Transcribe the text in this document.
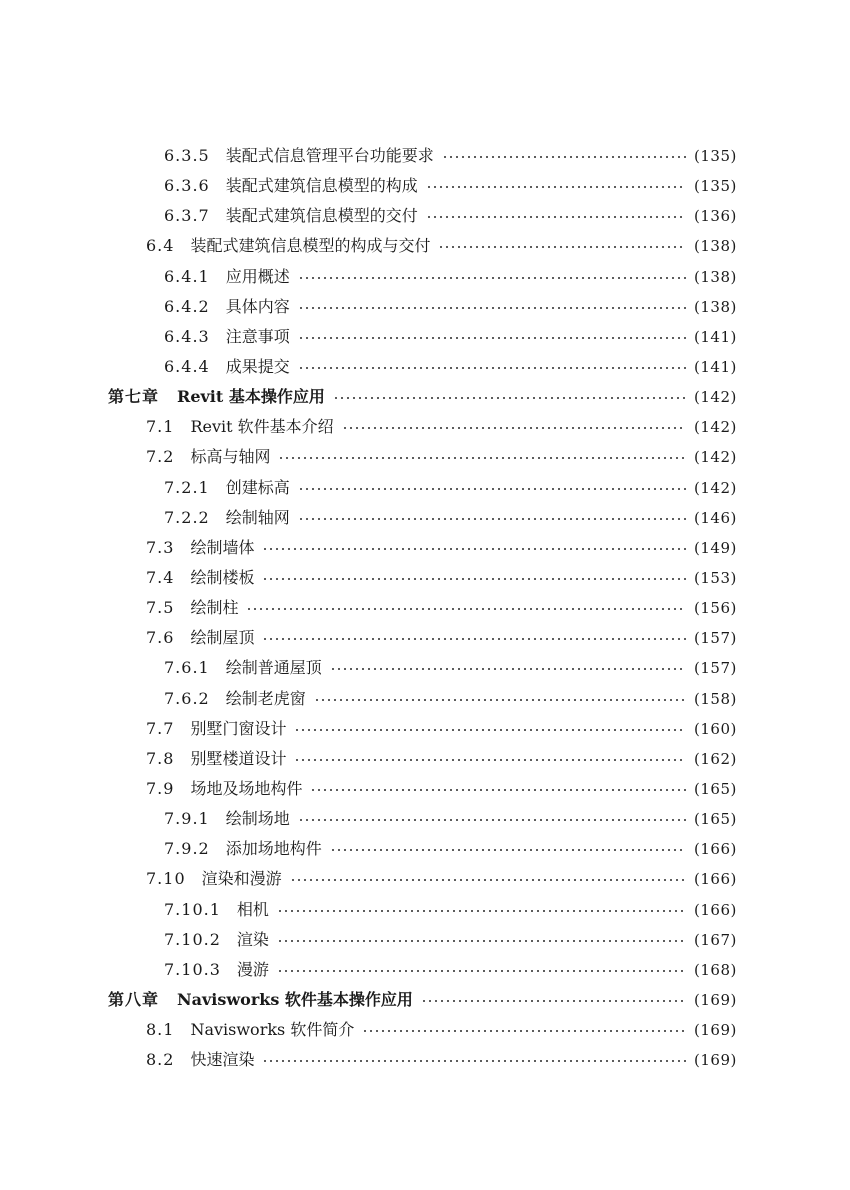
6.3.5 装配式信息管理平台功能要求	(135)
6.3.6 装配式建筑信息模型的构成	(135)
6.3.7 装配式建筑信息模型的交付	(136)
6.4 装配式建筑信息模型的构成与交付	(138)
6.4.1 应用概述	(138)
6.4.2 具体内容	(138)
6.4.3 注意事项	(141)
6.4.4 成果提交	(141)
第七章 Revit 基本操作应用	(142)
7.1 Revit 软件基本介绍	(142)
7.2 标高与轴网	(142)
7.2.1 创建标高	(142)
7.2.2 绘制轴网	(146)
7.3 绘制墙体	(149)
7.4 绘制楼板	(153)
7.5 绘制柱	(156)
7.6 绘制屋顶	(157)
7.6.1 绘制普通屋顶	(157)
7.6.2 绘制老虎窗	(158)
7.7 别墅门窗设计	(160)
7.8 别墅楼道设计	(162)
7.9 场地及场地构件	(165)
7.9.1 绘制场地	(165)
7.9.2 添加场地构件	(166)
7.10 渲染和漫游	(166)
7.10.1 相机	(166)
7.10.2 渲染	(167)
7.10.3 漫游	(168)
第八章 Navisworks 软件基本操作应用	(169)
8.1 Navisworks 软件简介	(169)
8.2 快速渲染	(169)
